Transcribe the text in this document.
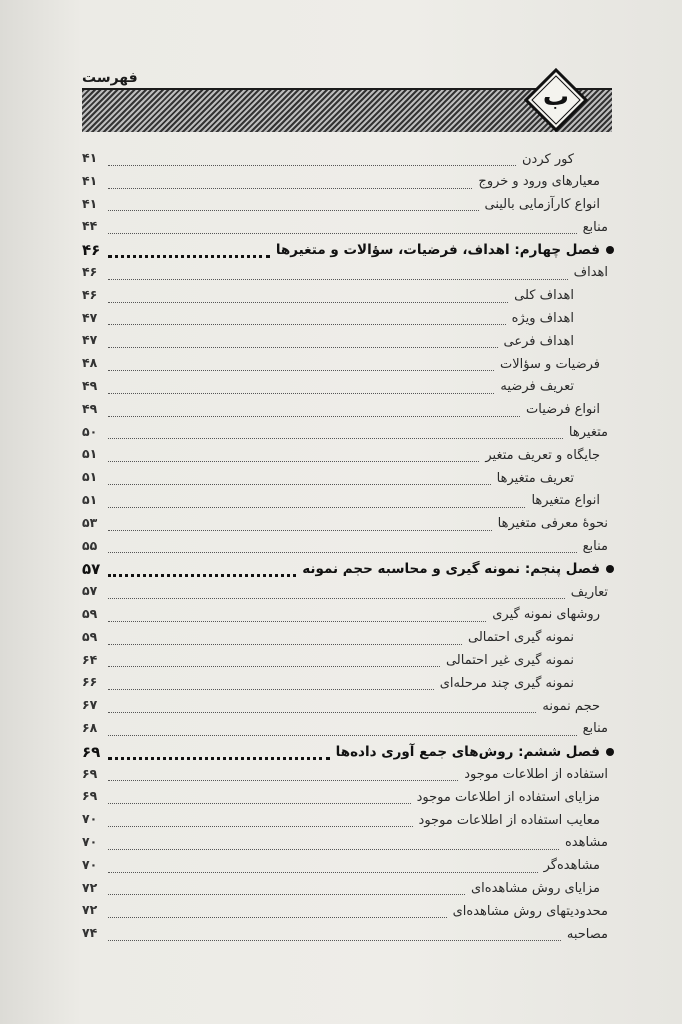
فهرست
ب
کور کردن
۴۱
معیارهای ورود و خروج
۴۱
انواع کارآزمایی بالینی
۴۱
منابع
۴۴
فصل چهارم: اهداف، فرضیات، سؤالات و متغیرها
۴۶
اهداف
۴۶
اهداف کلی
۴۶
اهداف ویژه
۴۷
اهداف فرعی
۴۷
فرضیات و سؤالات
۴۸
تعریف فرضیه
۴۹
انواع فرضیات
۴۹
متغیرها
۵۰
جایگاه و تعریف متغیر
۵۱
تعریف متغیرها
۵۱
انواع متغیرها
۵۱
نحوهٔ معرفی متغیرها
۵۳
منابع
۵۵
فصل پنجم: نمونه گیری و محاسبه حجم نمونه
۵۷
تعاریف
۵۷
روشهای نمونه گیری
۵۹
نمونه گیری احتمالی
۵۹
نمونه گیری غیر احتمالی
۶۴
نمونه گیری چند مرحله‌ای
۶۶
حجم نمونه
۶۷
منابع
۶۸
فصل ششم: روش‌های جمع آوری داده‌ها
۶۹
استفاده از اطلاعات موجود
۶۹
مزایای استفاده از اطلاعات موجود
۶۹
معایب استفاده از اطلاعات موجود
۷۰
مشاهده
۷۰
مشاهده‌گر
۷۰
مزایای روش مشاهده‌ای
۷۲
محدودیتهای روش مشاهده‌ای
۷۲
مصاحبه
۷۴
